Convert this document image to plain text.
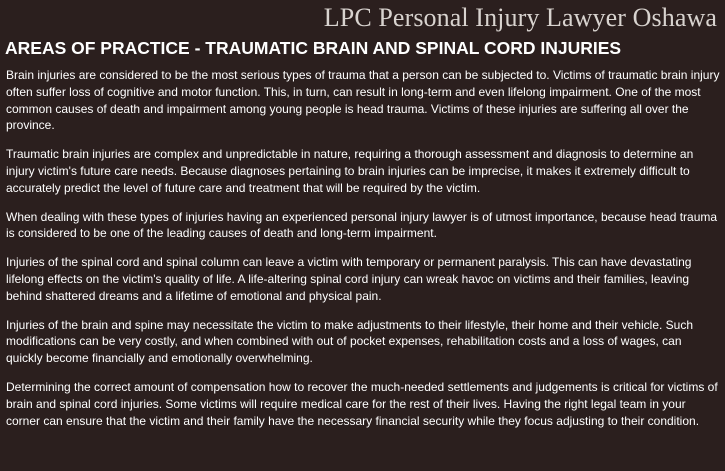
LPC Personal Injury Lawyer Oshawa
AREAS OF PRACTICE - TRAUMATIC BRAIN AND SPINAL CORD INJURIES

Brain injuries are considered to be the most serious types of trauma that a person can be subjected to. Victims of traumatic brain injury often suffer loss of cognitive and motor function. This, in turn, can result in long-term and even lifelong impairment. One of the most common causes of death and impairment among young people is head trauma. Victims of these injuries are suffering all over the province.

Traumatic brain injuries are complex and unpredictable in nature, requiring a thorough assessment and diagnosis to determine an injury victim's future care needs. Because diagnoses pertaining to brain injuries can be imprecise, it makes it extremely difficult to accurately predict the level of future care and treatment that will be required by the victim.

When dealing with these types of injuries having an experienced personal injury lawyer is of utmost importance, because head trauma is considered to be one of the leading causes of death and long-term impairment.

Injuries of the spinal cord and spinal column can leave a victim with temporary or permanent paralysis. This can have devastating lifelong effects on the victim's quality of life. A life-altering spinal cord injury can wreak havoc on victims and their families, leaving behind shattered dreams and a lifetime of emotional and physical pain.

Injuries of the brain and spine may necessitate the victim to make adjustments to their lifestyle, their home and their vehicle. Such modifications can be very costly, and when combined with out of pocket expenses, rehabilitation costs and a loss of wages, can quickly become financially and emotionally overwhelming.

Determining the correct amount of compensation how to recover the much-needed settlements and judgements is critical for victims of brain and spinal cord injuries. Some victims will require medical care for the rest of their lives. Having the right legal team in your corner can ensure that the victim and their family have the necessary financial security while they focus adjusting to their condition.
